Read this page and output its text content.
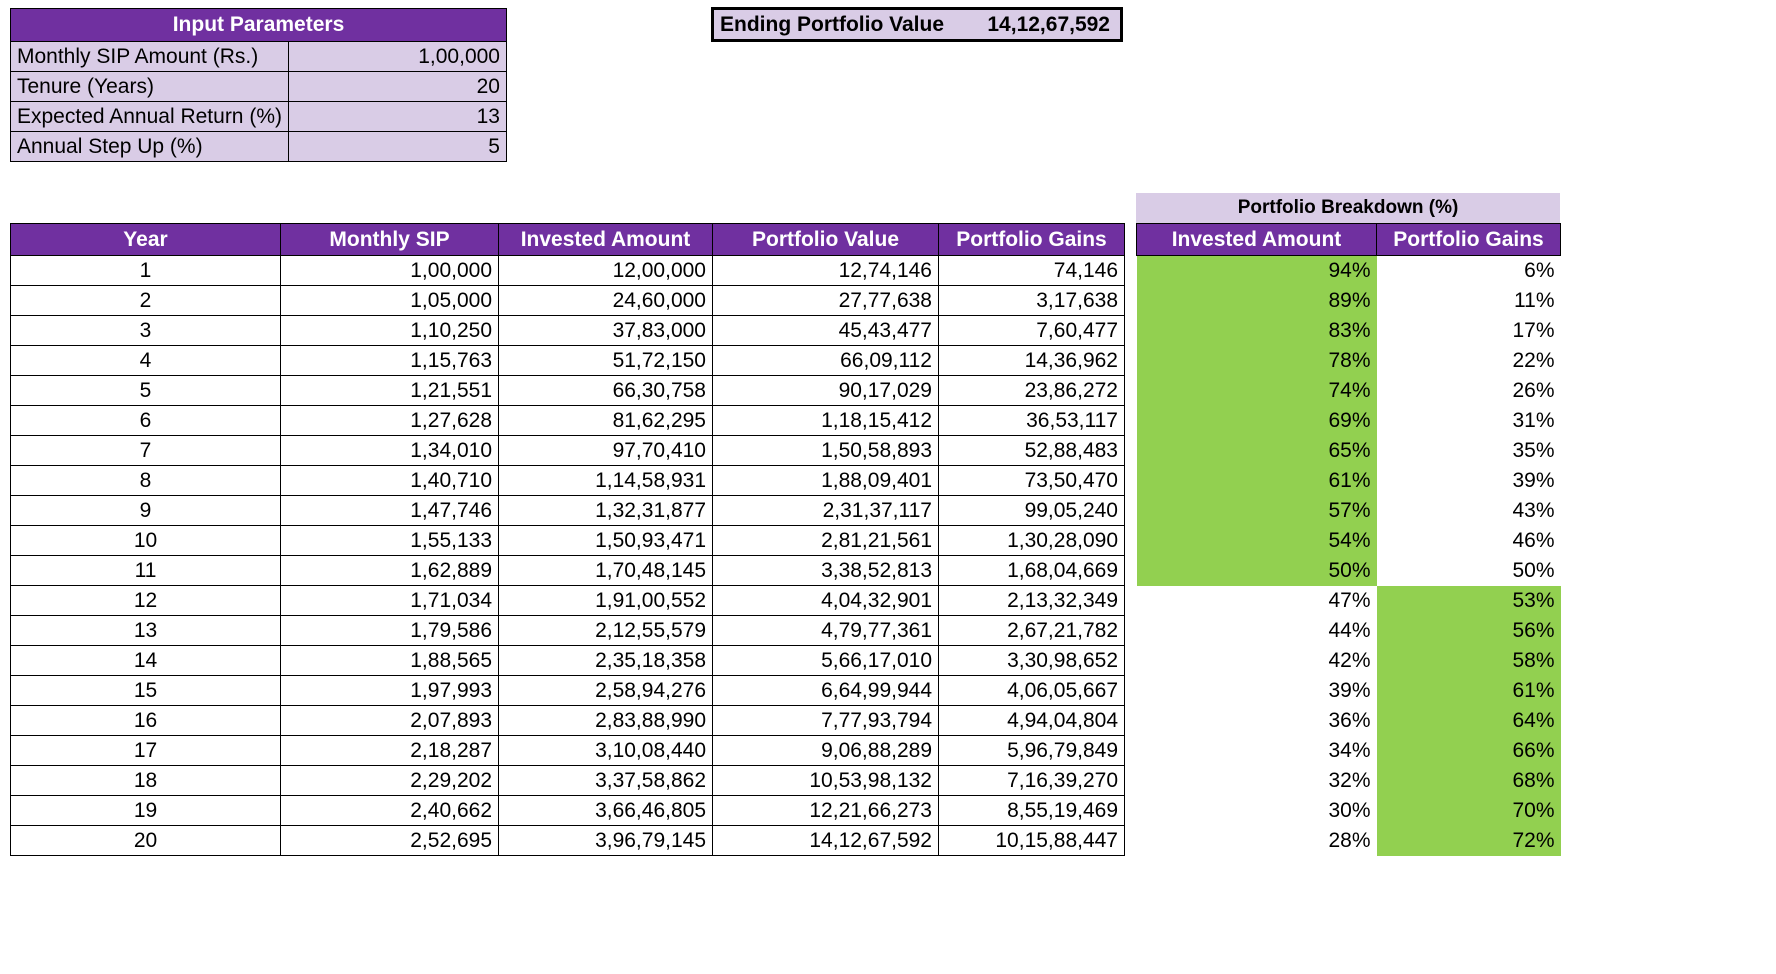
Input Parameters	
Monthly SIP Amount (Rs.)	1,00,000
Tenure (Years)	20
Expected Annual Return (%)	13
Annual Step Up (%)	5
Ending Portfolio Value 14,12,67,592
Year	Monthly SIP	Invested Amount	Portfolio Value	Portfolio Gains
1	1,00,000	12,00,000	12,74,146	74,146
2	1,05,000	24,60,000	27,77,638	3,17,638
3	1,10,250	37,83,000	45,43,477	7,60,477
4	1,15,763	51,72,150	66,09,112	14,36,962
5	1,21,551	66,30,758	90,17,029	23,86,272
6	1,27,628	81,62,295	1,18,15,412	36,53,117
7	1,34,010	97,70,410	1,50,58,893	52,88,483
8	1,40,710	1,14,58,931	1,88,09,401	73,50,470
9	1,47,746	1,32,31,877	2,31,37,117	99,05,240
10	1,55,133	1,50,93,471	2,81,21,561	1,30,28,090
11	1,62,889	1,70,48,145	3,38,52,813	1,68,04,669
12	1,71,034	1,91,00,552	4,04,32,901	2,13,32,349
13	1,79,586	2,12,55,579	4,79,77,361	2,67,21,782
14	1,88,565	2,35,18,358	5,66,17,010	3,30,98,652
15	1,97,993	2,58,94,276	6,64,99,944	4,06,05,667
16	2,07,893	2,83,88,990	7,77,93,794	4,94,04,804
17	2,18,287	3,10,08,440	9,06,88,289	5,96,79,849
18	2,29,202	3,37,58,862	10,53,98,132	7,16,39,270
19	2,40,662	3,66,46,805	12,21,66,273	8,55,19,469
20	2,52,695	3,96,79,145	14,12,67,592	10,15,88,447
Portfolio Breakdown (%)
Invested Amount	Portfolio Gains
94%	6%
89%	11%
83%	17%
78%	22%
74%	26%
69%	31%
65%	35%
61%	39%
57%	43%
54%	46%
50%	50%
47%	53%
44%	56%
42%	58%
39%	61%
36%	64%
34%	66%
32%	68%
30%	70%
28%	72%
